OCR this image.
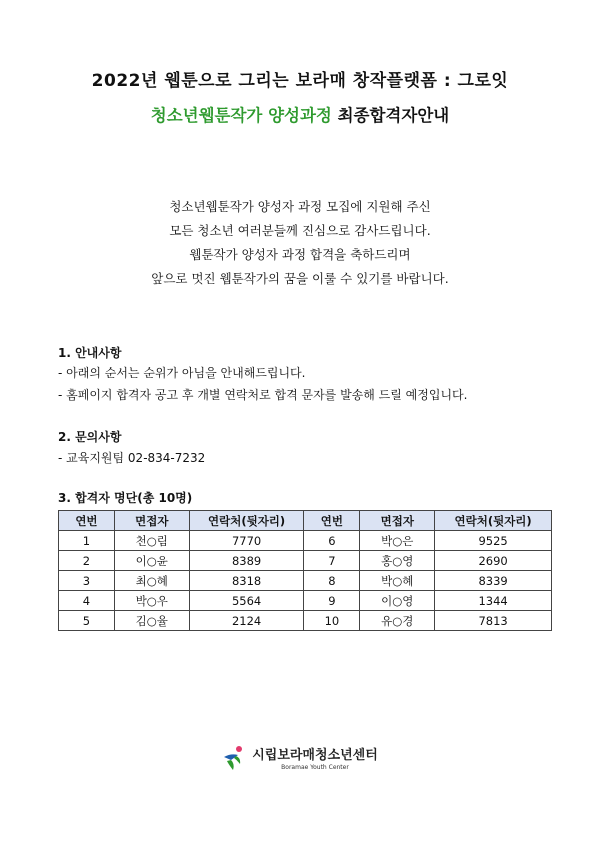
2022년 웹툰으로 그리는 보라매 창작플랫폼 : 그로잇
청소년웹툰작가 양성과정 최종합격자안내
청소년웹툰작가 양성자 과정 모집에 지원해 주신
모든 청소년 여러분들께 진심으로 감사드립니다.
웹툰작가 양성자 과정 합격을 축하드리며
앞으로 멋진 웹툰작가의 꿈을 이룰 수 있기를 바랍니다.
1. 안내사항
- 아래의 순서는 순위가 아님을 안내해드립니다.
- 홈페이지 합격자 공고 후 개별 연락처로 합격 문자를 발송해 드릴 예정입니다.
2. 문의사항
- 교육지원팀 02-834-7232
3. 합격자 명단(총 10명)
연번	면접자	연락처(뒷자리)	연번	면접자	연락처(뒷자리)
1	천○림	7770	6	박○은	9525
2	이○윤	8389	7	홍○영	2690
3	최○혜	8318	8	박○혜	8339
4	박○우	5564	9	이○영	1344
5	김○율	2124	10	유○경	7813
시립보라매청소년센터
Boramae Youth Center
